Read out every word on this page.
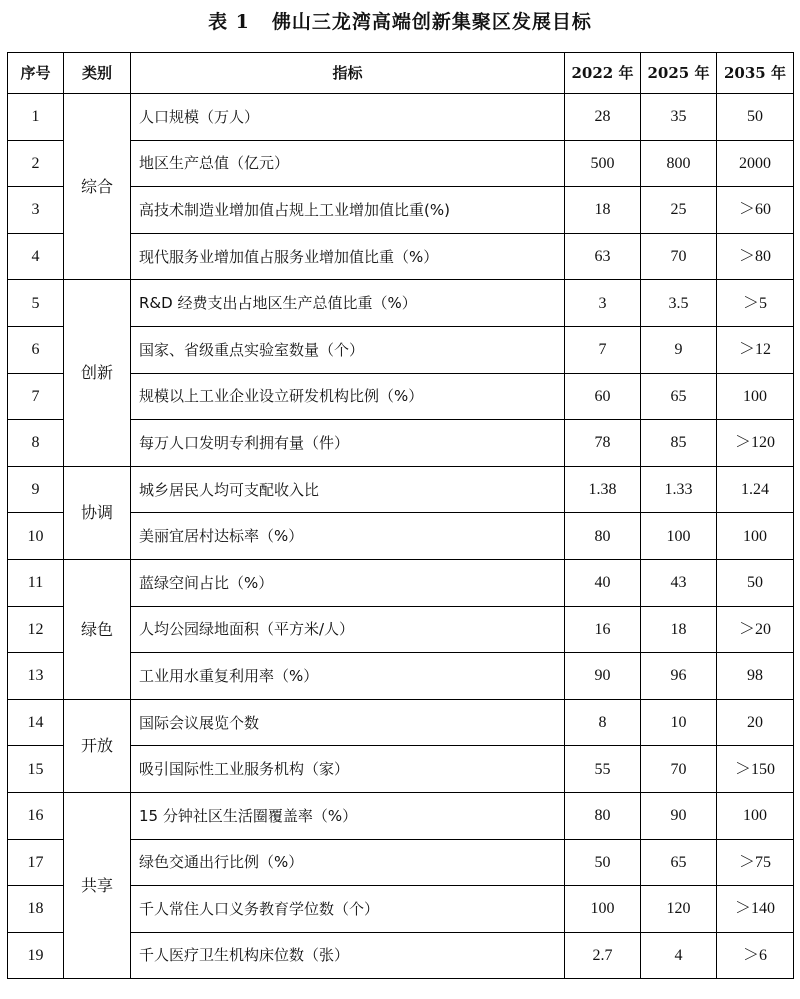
表 1 佛山三龙湾高端创新集聚区发展目标
序号	类别	指标	2022 年	2025 年	2035 年
1	综合	人口规模（万人）	28	35	50
2		地区生产总值（亿元）	500	800	2000
3		高技术制造业增加值占规上工业增加值比重(%)	18	25	＞60
4		现代服务业增加值占服务业增加值比重（%）	63	70	＞80
5	创新	R&D 经费支出占地区生产总值比重（%）	3	3.5	＞5
6		国家、省级重点实验室数量（个）	7	9	＞12
7		规模以上工业企业设立研发机构比例（%）	60	65	100
8		每万人口发明专利拥有量（件）	78	85	＞120
9	协调	城乡居民人均可支配收入比	1.38	1.33	1.24
10		美丽宜居村达标率（%）	80	100	100
11	绿色	蓝绿空间占比（%）	40	43	50
12		人均公园绿地面积（平方米/人）	16	18	＞20
13		工业用水重复利用率（%）	90	96	98
14	开放	国际会议展览个数	8	10	20
15		吸引国际性工业服务机构（家）	55	70	＞150
16	共享	15 分钟社区生活圈覆盖率（%）	80	90	100
17		绿色交通出行比例（%）	50	65	＞75
18		千人常住人口义务教育学位数（个）	100	120	＞140
19		千人医疗卫生机构床位数（张）	2.7	4	＞6
